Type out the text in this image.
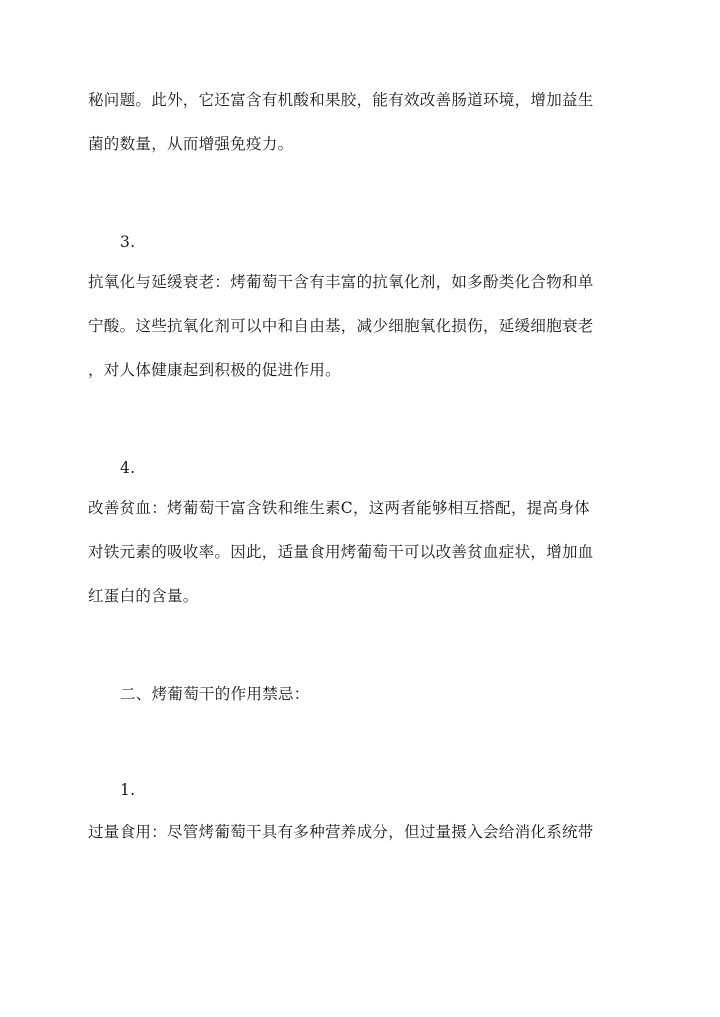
秘问题。此外，它还富含有机酸和果胶，能有效改善肠道环境，增加益生
菌的数量，从而增强免疫力。
3.
抗氧化与延缓衰老：烤葡萄干含有丰富的抗氧化剂，如多酚类化合物和单
宁酸。这些抗氧化剂可以中和自由基，减少细胞氧化损伤，延缓细胞衰老
，对人体健康起到积极的促进作用。
4.
改善贫血：烤葡萄干富含铁和维生素C，这两者能够相互搭配，提高身体
对铁元素的吸收率。因此，适量食用烤葡萄干可以改善贫血症状，增加血
红蛋白的含量。
二、烤葡萄干的作用禁忌：
1.
过量食用：尽管烤葡萄干具有多种营养成分，但过量摄入会给消化系统带
